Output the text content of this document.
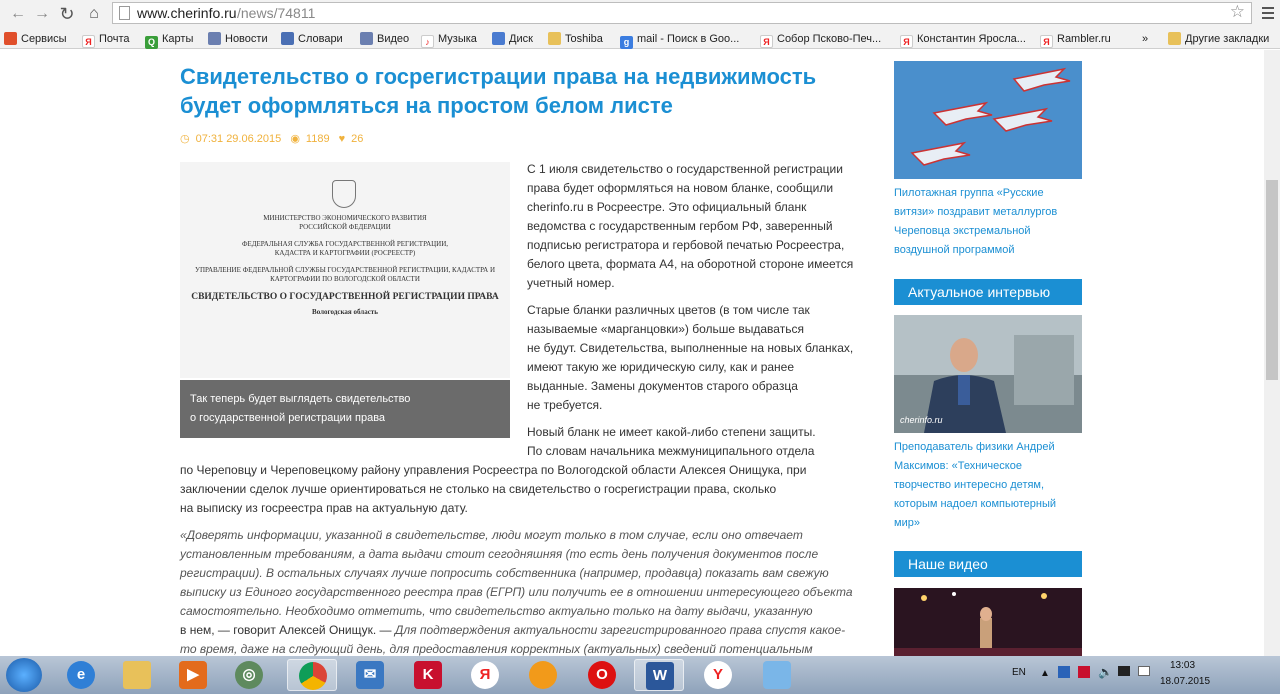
← → ↻ ⌂	www.cherinfo.ru /news/74811	☆
Сервисы	Я Почта	Q Карты	Новости	Словари	Видео	♪ Музыка	Диск	Toshiba	g mail - Поиск в Goo...	Я Собор Псково-Печ...	Я Константин Яросла...	Я Rambler.ru	»	Другие закладки
Свидетельство о госрегистрации права на недвижимость будет оформляться на простом белом листе
◷ 07:31 29.06.2015 ◉ 1189 ♥ 26
МИНИСТЕРСТВО ЭКОНОМИЧЕСКОГО РАЗВИТИЯ
РОССИЙСКОЙ ФЕДЕРАЦИИ
ФЕДЕРАЛЬНАЯ СЛУЖБА ГОСУДАРСТВЕННОЙ РЕГИСТРАЦИИ,
КАДАСТРА И КАРТОГРАФИИ (РОСРЕЕСТР)
УПРАВЛЕНИЕ ФЕДЕРАЛЬНОЙ СЛУЖБЫ ГОСУДАРСТВЕННОЙ РЕГИСТРАЦИИ, КАДАСТРА И
КАРТОГРАФИИ ПО ВОЛОГОДСКОЙ ОБЛАСТИ
СВИДЕТЕЛЬСТВО О ГОСУДАРСТВЕННОЙ РЕГИСТРАЦИИ ПРАВА
Вологодская область
Так теперь будет выглядеть свидетельство
о государственной регистрации права
С 1 июля свидетельство о государственной регистрации
права будет оформляться на новом бланке, сообщили
cherinfo.ru в Росреестре. Это официальный бланк
ведомства с государственным гербом РФ, заверенный
подписью регистратора и гербовой печатью Росреестра,
белого цвета, формата А4, на оборотной стороне имеется
учетный номер.
Старые бланки различных цветов (в том числе так
называемые «марганцовки») больше выдаваться
не будут. Свидетельства, выполненные на новых бланках,
имеют такую же юридическую силу, как и ранее
выданные. Замены документов старого образца
не требуется.
Новый бланк не имеет какой-либо степени защиты.
По словам начальника межмуниципального отдела
по Череповцу и Череповецкому району управления Росреестра по Вологодской области Алексея Онищука, при
заключении сделок лучше ориентироваться не столько на свидетельство о госрегистрации права, сколько
на выписку из госреестра прав на актуальную дату.
«Доверять информации, указанной в свидетельстве, люди могут только в том случае, если оно отвечает
установленным требованиям, а дата выдачи стоит сегодняшняя (то есть день получения документов после
регистрации). В остальных случаях лучше попросить собственника (например, продавца) показать вам свежую
выписку из Единого государственного реестра прав (ЕГРП) или получить ее в отношении интересующего объекта
самостоятельно. Необходимо отметить, что свидетельство актуально только на дату выдачи, указанную
в нем, — говорит Алексей Онищук. — Для подтверждения актуальности зарегистрированного права спустя какое-
то время, даже на следующий день, для предоставления корректных (актуальных) сведений потенциальным
Пилотажная группа «Русские
витязи» поздравит металлургов
Череповца экстремальной
воздушной программой
Актуальное интервью
cherinfo.ru
Преподаватель физики Андрей
Максимов: «Техническое
творчество интересно детям,
которым надоел компьютерный
мир»
Наше видео
e	▶	◎	✉	K	Я	O	W	Y	EN ▲	🔈	13:03
18.07.2015
